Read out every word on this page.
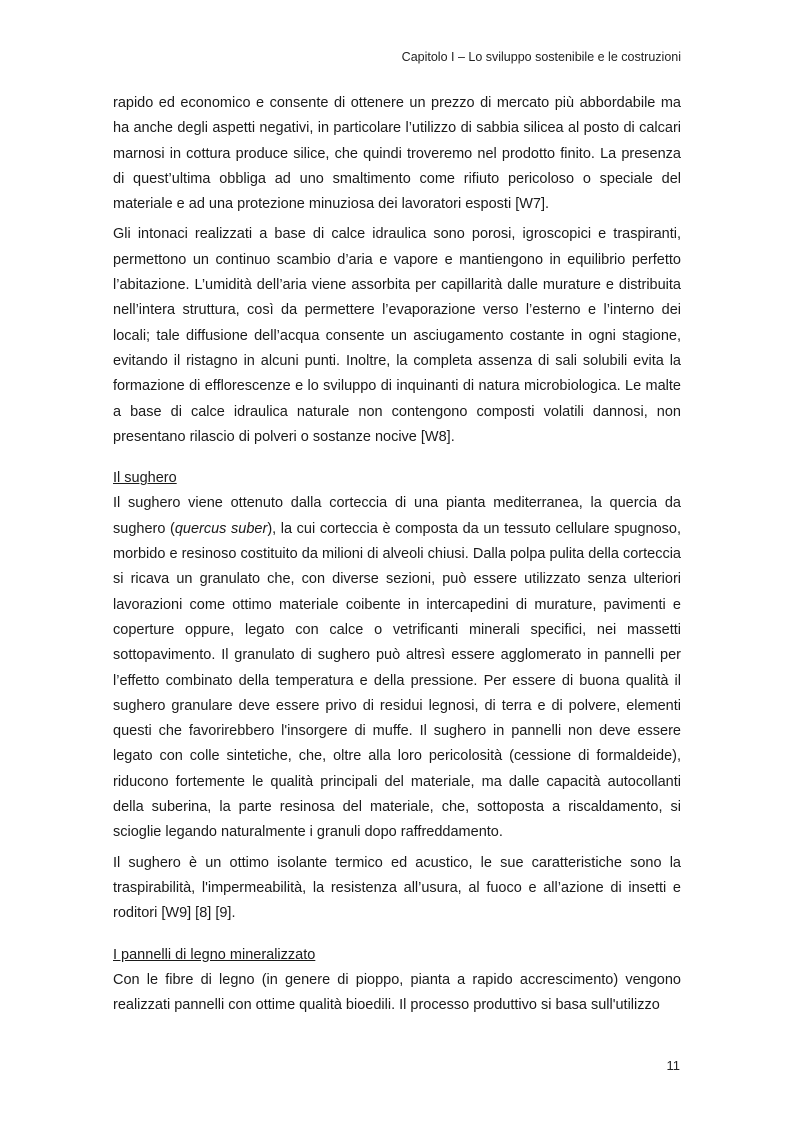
Capitolo I – Lo sviluppo sostenibile e le costruzioni

rapido ed economico e consente di ottenere un prezzo di mercato più abbordabile ma ha anche degli aspetti negativi, in particolare l’utilizzo di sabbia silicea al posto di calcari marnosi in cottura produce silice, che quindi troveremo nel prodotto finito. La presenza di quest’ultima obbliga ad uno smaltimento come rifiuto pericoloso o speciale del materiale e ad una protezione minuziosa dei lavoratori esposti [W7].

Gli intonaci realizzati a base di calce idraulica sono porosi, igroscopici e traspiranti, permettono un continuo scambio d’aria e vapore e mantiengono in equilibrio perfetto l’abitazione. L’umidità dell’aria viene assorbita per capillarità dalle murature e distribuita nell’intera struttura, così da permettere l’evaporazione verso l’esterno e l’interno dei locali; tale diffusione dell’acqua consente un asciugamento costante in ogni stagione, evitando il ristagno in alcuni punti. Inoltre, la completa assenza di sali solubili evita la formazione di efflorescenze e lo sviluppo di inquinanti di natura microbiologica. Le malte a base di calce idraulica naturale non contengono composti volatili dannosi, non presentano rilascio di polveri o sostanze nocive [W8].

Il sughero

Il sughero viene ottenuto dalla corteccia di una pianta mediterranea, la quercia da sughero (quercus suber), la cui corteccia è composta da un tessuto cellulare spugnoso, morbido e resinoso costituito da milioni di alveoli chiusi. Dalla polpa pulita della corteccia si ricava un granulato che, con diverse sezioni, può essere utilizzato senza ulteriori lavorazioni come ottimo materiale coibente in intercapedini di murature, pavimenti e coperture oppure, legato con calce o vetrificanti minerali specifici, nei massetti sottopavimento. Il granulato di sughero può altresì essere agglomerato in pannelli per l’effetto combinato della temperatura e della pressione. Per essere di buona qualità il sughero granulare deve essere privo di residui legnosi, di terra e di polvere, elementi questi che favorirebbero l'insorgere di muffe. Il sughero in pannelli non deve essere legato con colle sintetiche, che, oltre alla loro pericolosità (cessione di formaldeide), riducono fortemente le qualità principali del materiale, ma dalle capacità autocollanti della suberina, la parte resinosa del materiale, che, sottoposta a riscaldamento, si scioglie legando naturalmente i granuli dopo raffreddamento.

Il sughero è un ottimo isolante termico ed acustico, le sue caratteristiche sono la traspirabilità, l'impermeabilità, la resistenza all’usura, al fuoco e all’azione di insetti e roditori [W9] [8] [9].

I pannelli di legno mineralizzato

Con le fibre di legno (in genere di pioppo, pianta a rapido accrescimento) vengono realizzati pannelli con ottime qualità bioedili. Il processo produttivo si basa sull'utilizzo

11
